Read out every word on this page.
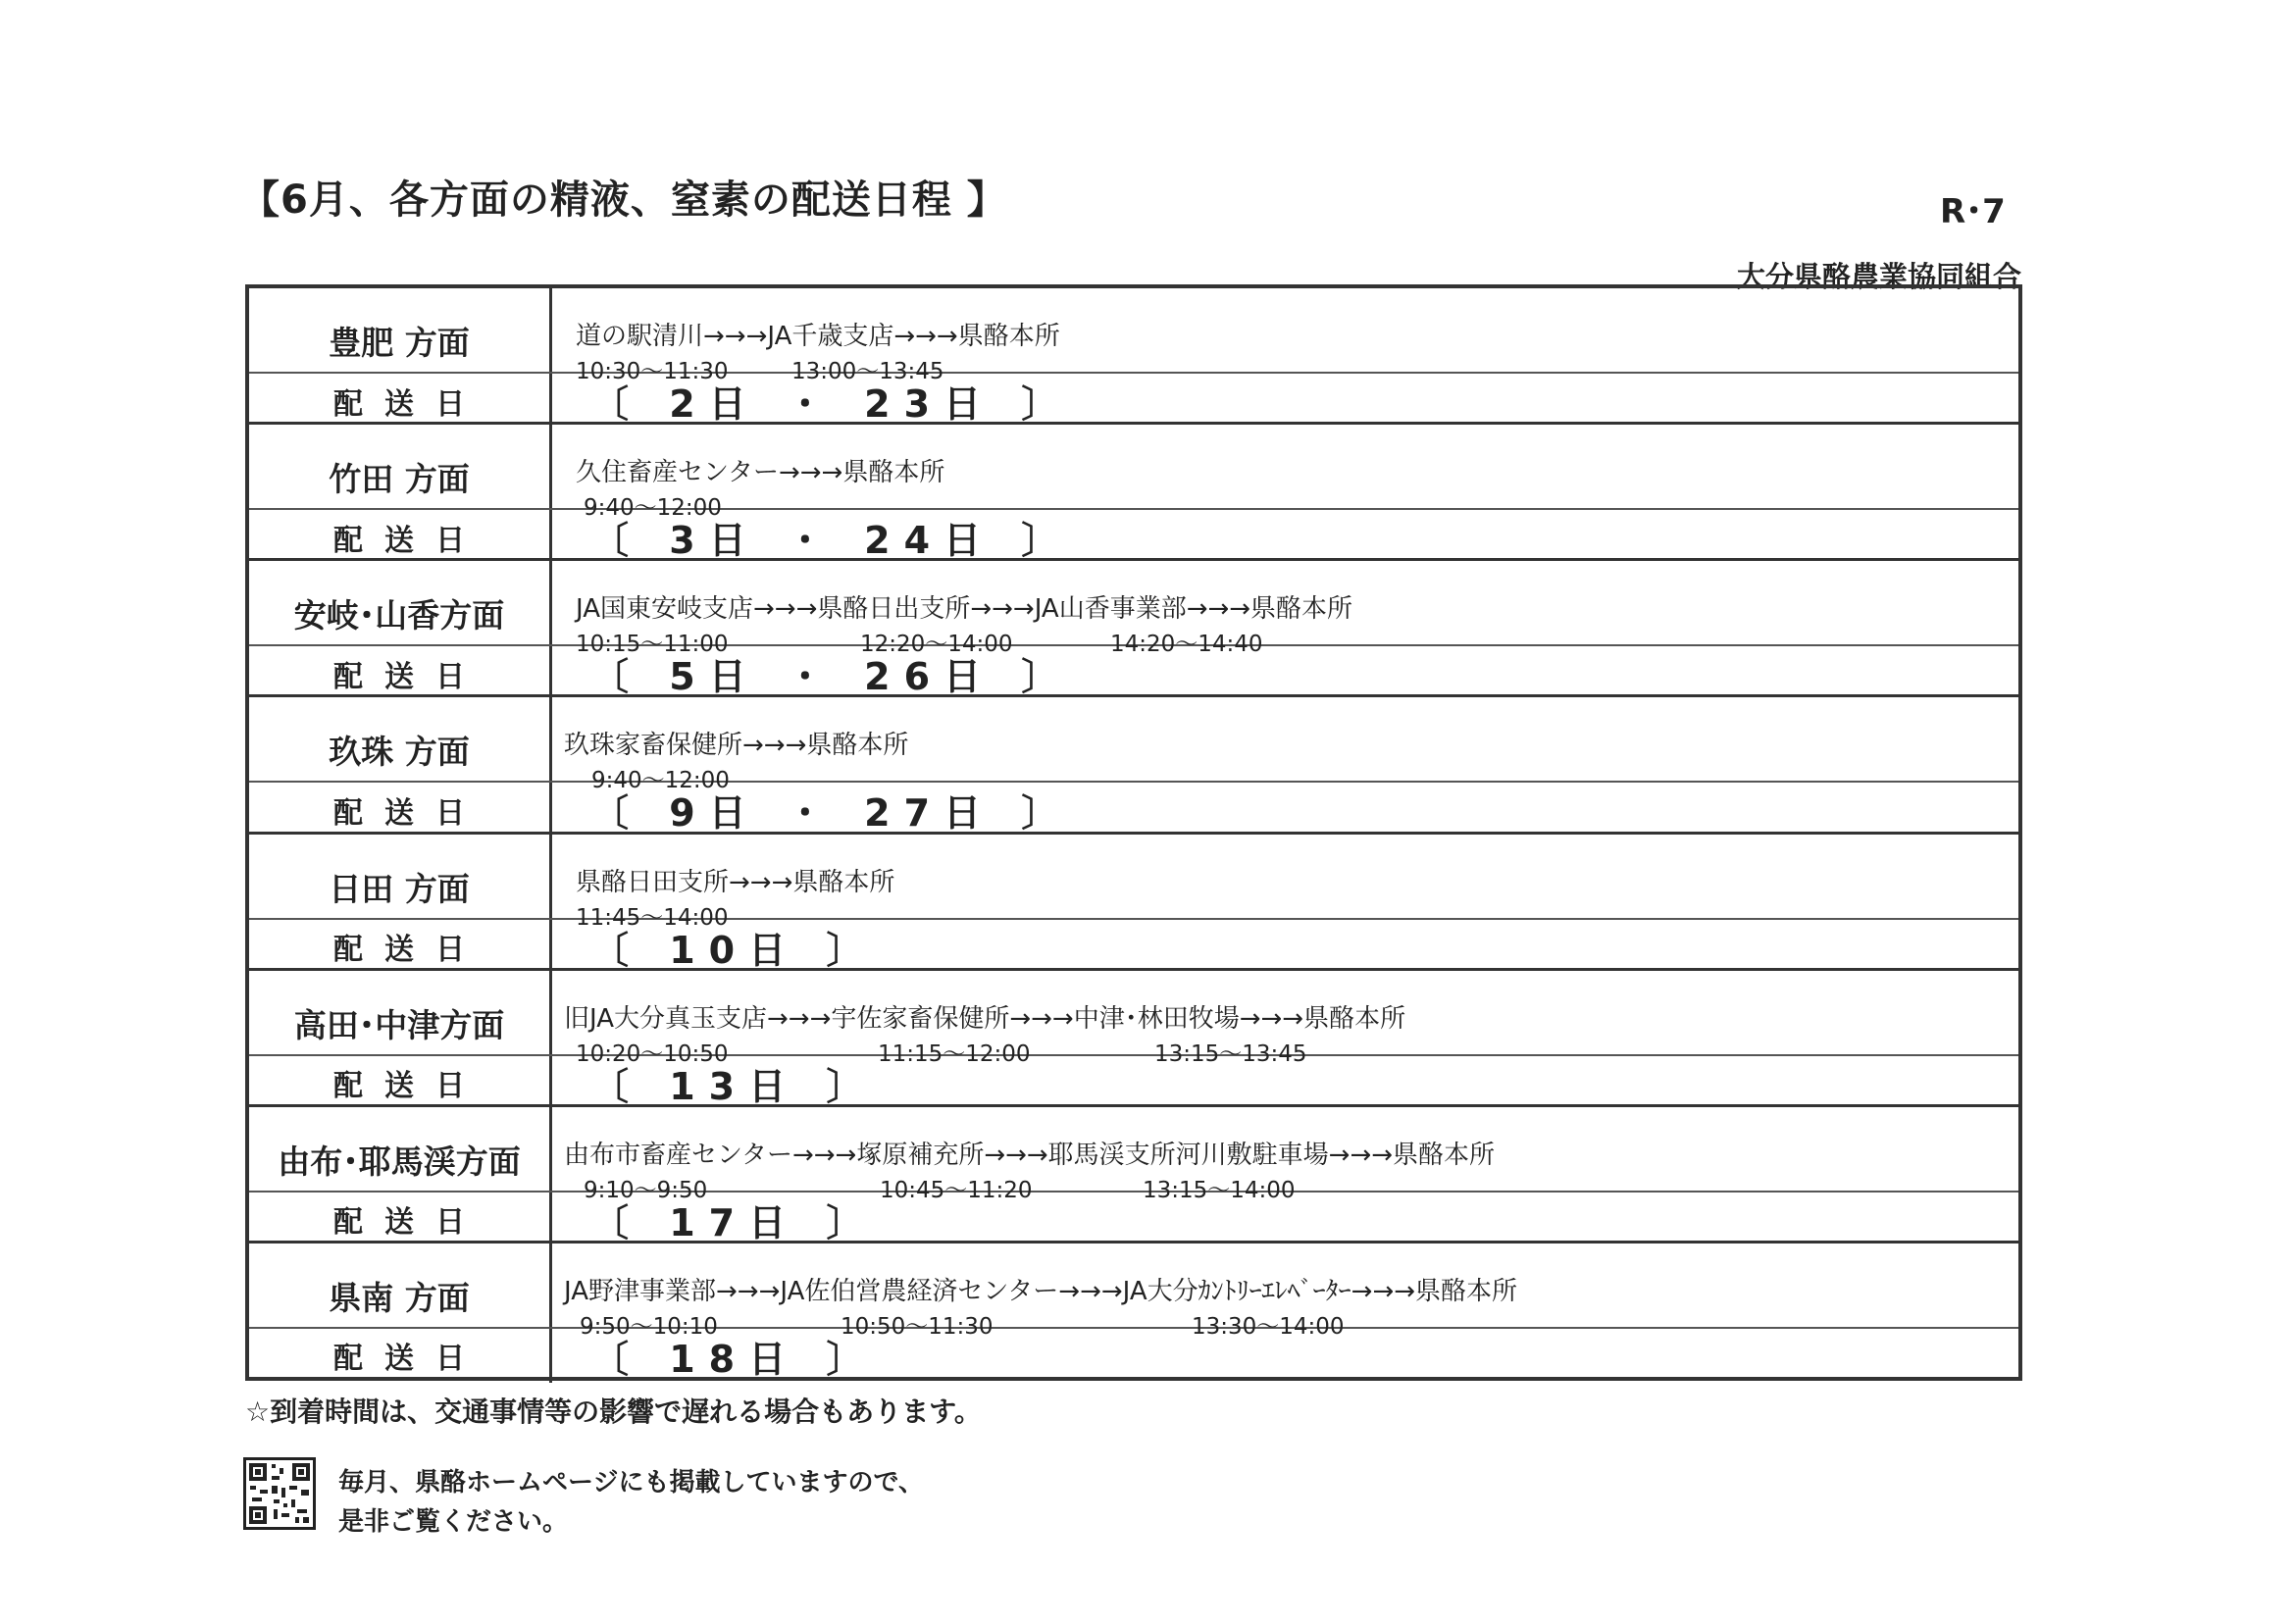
【6月、各方面の精液、窒素の配送日程 】	R･7
大分県酪農業協同組合
豊肥 方面	道の駅清川→→→JA千歳支店→→→県酪本所
10:30～11:30	13:00～13:45
配送日	〔 2日 ・ 23日 〕
竹田 方面	久住畜産センター→→→県酪本所
9:40～12:00
配送日	〔 3日 ・ 24日 〕
安岐･山香方面	JA国東安岐支店→→→県酪日出支所→→→JA山香事業部→→→県酪本所
10:15～11:00	12:20～14:00	14:20～14:40
配送日	〔 5日 ・ 26日 〕
玖珠 方面	玖珠家畜保健所→→→県酪本所
9:40～12:00
配送日	〔 9日 ・ 27日 〕
日田 方面	県酪日田支所→→→県酪本所
11:45～14:00
配送日	〔 10日 〕
高田･中津方面	旧JA大分真玉支店→→→宇佐家畜保健所→→→中津･林田牧場→→→県酪本所
10:20～10:50	11:15～12:00	13:15～13:45
配送日	〔 13日 〕
由布･耶馬渓方面	由布市畜産センター→→→塚原補充所→→→耶馬渓支所河川敷駐車場→→→県酪本所
9:10～9:50	10:45～11:20	13:15～14:00
配送日	〔 17日 〕
県南 方面	JA野津事業部→→→JA佐伯営農経済センター→→→JA大分ｶﾝﾄﾘｰｴﾚﾍﾞｰﾀｰ→→→県酪本所
9:50～10:10	10:50～11:30	13:30～14:00
配送日	〔 18日 〕
☆到着時間は、交通事情等の影響で遅れる場合もあります。
毎月、県酪ホームページにも掲載していますので、
是非ご覧ください。
